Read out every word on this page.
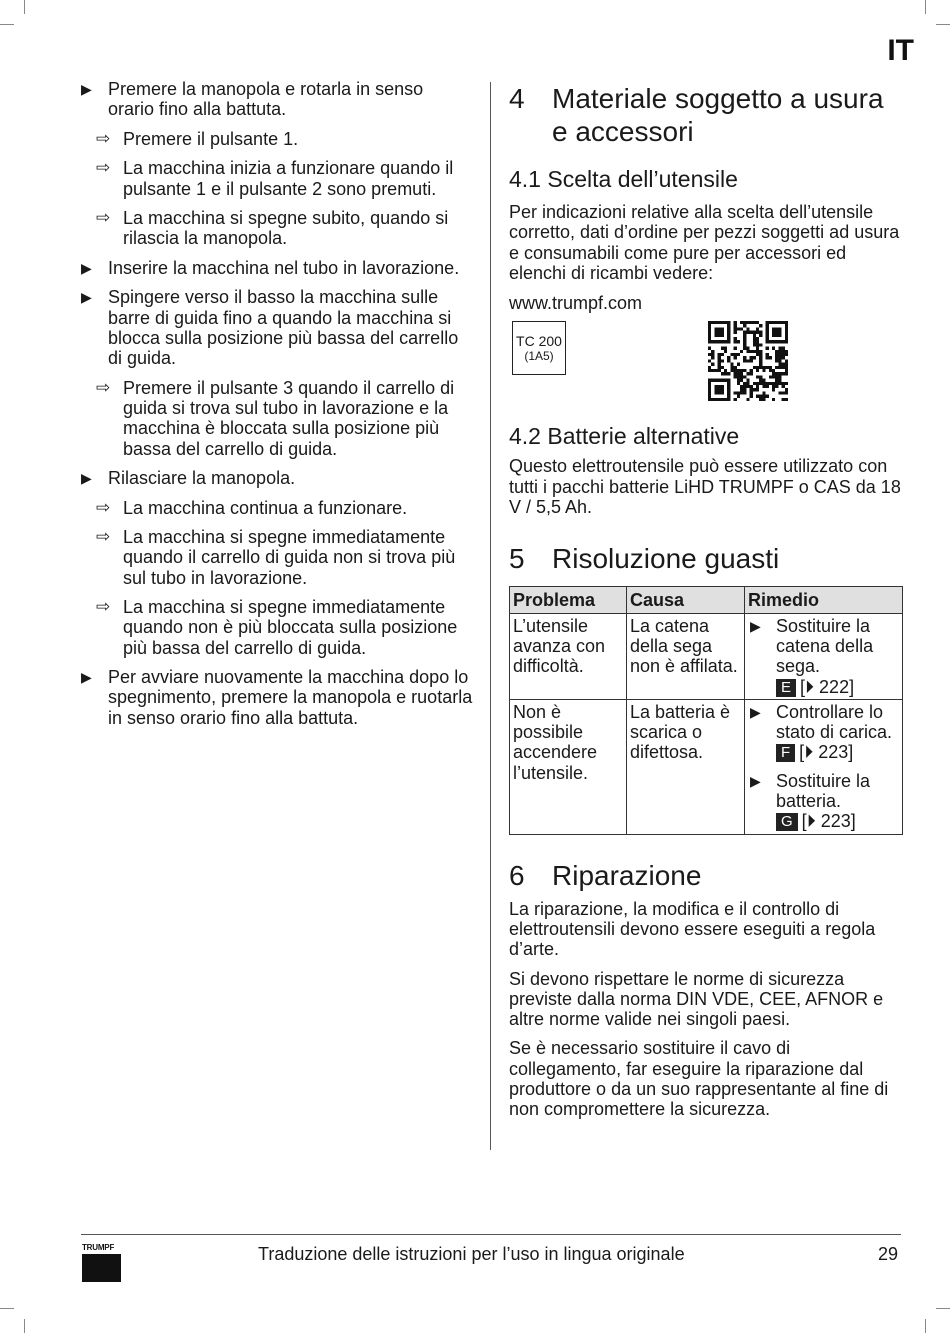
IT
▶ Premere la manopola e rotarla in senso orario fino alla battuta.
⇨ Premere il pulsante 1.
⇨ La macchina inizia a funzionare quando il pulsante 1 e il pulsante 2 sono premuti.
⇨ La macchina si spegne subito, quando si rilascia la manopola.
▶ Inserire la macchina nel tubo in lavorazione.
▶ Spingere verso il basso la macchina sulle barre di guida fino a quando la macchina si blocca sulla posizione più bassa del carrello di guida.
⇨ Premere il pulsante 3 quando il carrello di guida si trova sul tubo in lavorazione e la macchina è bloccata sulla posizione più bassa del carrello di guida.
▶ Rilasciare la manopola.
⇨ La macchina continua a funzionare.
⇨ La macchina si spegne immediatamente quando il carrello di guida non si trova più sul tubo in lavorazione.
⇨ La macchina si spegne immediatamente quando non è più bloccata sulla posizione più bassa del carrello di guida.
▶ Per avviare nuovamente la macchina dopo lo spegnimento, premere la manopola e ruotarla in senso orario fino alla battuta.
4 Materiale soggetto a usura e accessori
4.1 Scelta dell’utensile

Per indicazioni relative alla scelta dell’utensile corretto, dati d’ordine per pezzi soggetti ad usura e consumabili come pure per accessori ed elenchi di ricambi vedere:

www.trumpf.com

TC 200
(1A5)
4.2 Batterie alternative

Questo elettroutensile può essere utilizzato con tutti i pacchi batterie LiHD TRUMPF o CAS da 18 V / 5,5 Ah.

5 Risoluzione guasti
Problema	Causa	Rimedio
L’utensile avanza con difficoltà.	La catena della sega non è affilata.	▶ Sostituire la catena della sega.
E [⏵ 222]

Non è possibile accendere l’utensile.	La batteria è scarica o difettosa.	▶ Controllare lo stato di carica. F [⏵ 223]
▶ Sostituire la batteria.
G [⏵ 223]
6 Riparazione

La riparazione, la modifica e il controllo di elettroutensili devono essere eseguiti a regola d’arte.

Si devono rispettare le norme di sicurezza previste dalla norma DIN VDE, CEE, AFNOR e altre norme valide nei singoli paesi.

Se è necessario sostituire il cavo di collegamento, far eseguire la riparazione dal produttore o da un suo rappresentante al fine di non compromettere la sicurezza.

TRUMPF	Traduzione delle istruzioni per l’uso in lingua originale	29
